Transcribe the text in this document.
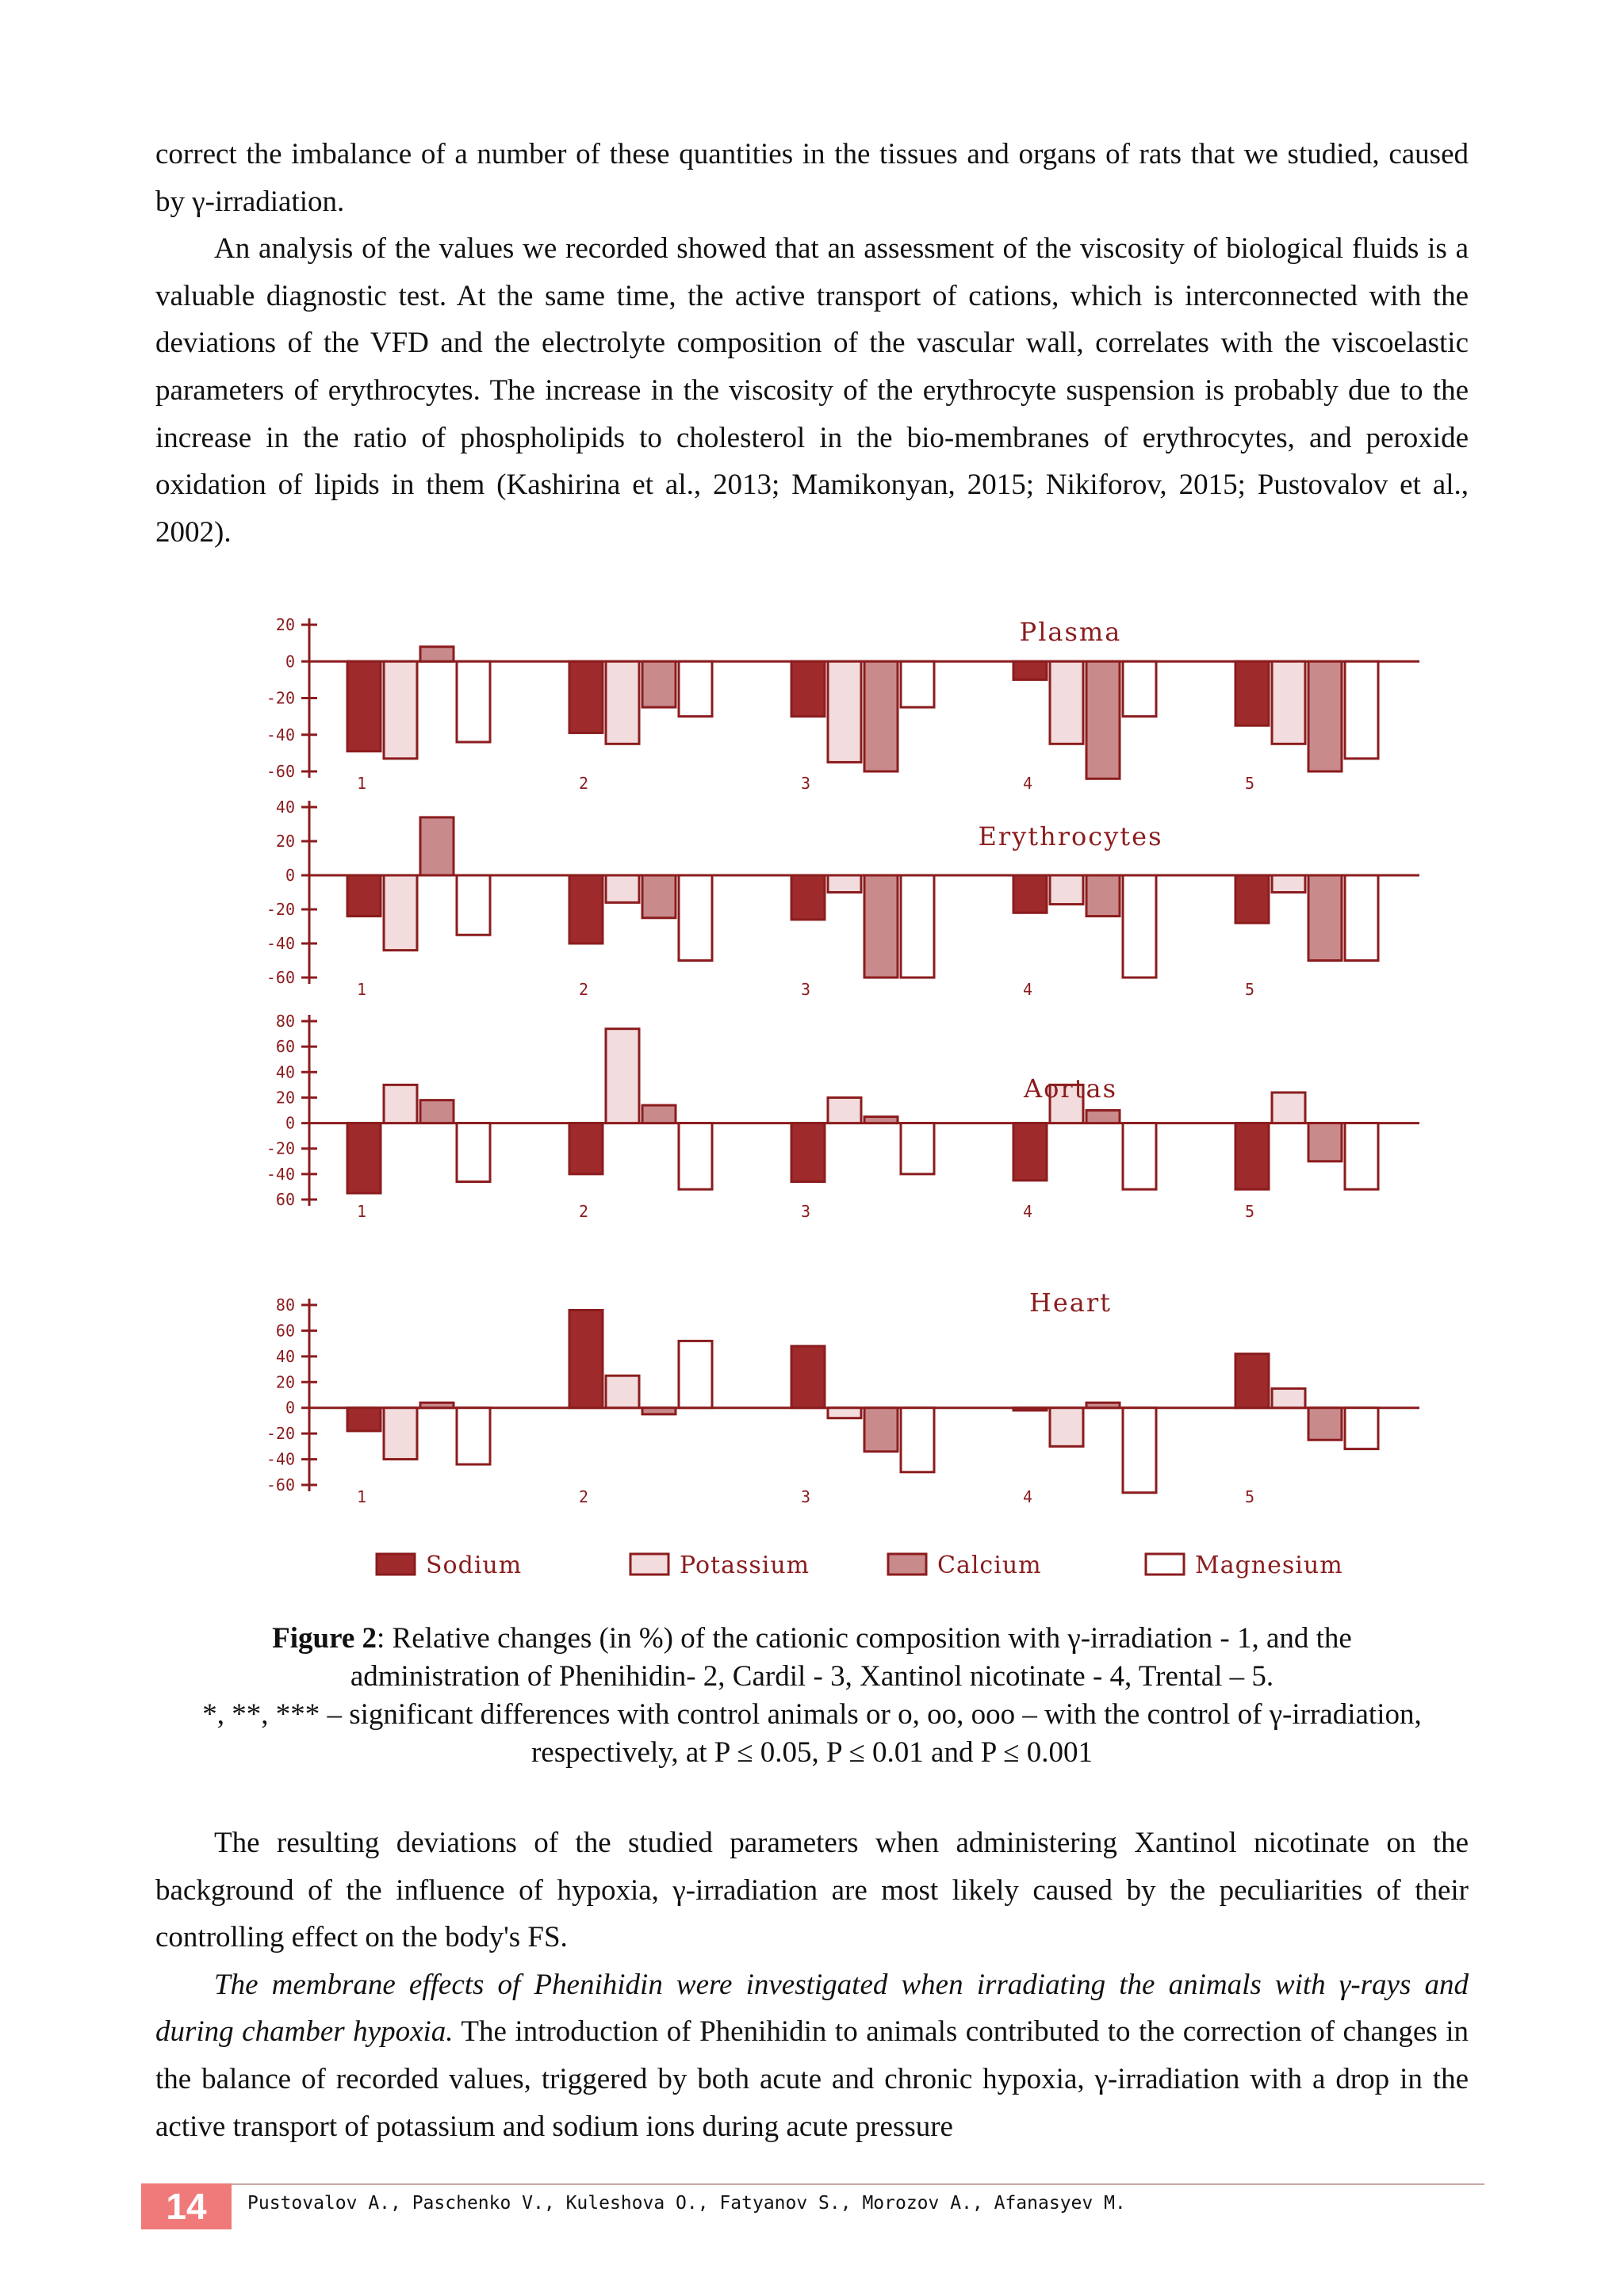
correct the imbalance of a number of these quantities in the tissues and organs of rats that we studied, caused by γ-irradiation.

An analysis of the values we recorded showed that an assessment of the viscosity of biological fluids is a valuable diagnostic test. At the same time, the active transport of cations, which is interconnected with the deviations of the VFD and the electrolyte composition of the vascular wall, correlates with the viscoelastic parameters of erythrocytes. The increase in the viscosity of the erythrocyte suspension is probably due to the increase in the ratio of phospholipids to cholesterol in the bio-membranes of erythrocytes, and peroxide oxidation of lipids in them (Kashirina et al., 2013; Mamikonyan, 2015; Nikiforov, 2015; Pustovalov et al., 2002).

20
0
-20
-40
-60
1	2	3	4	5
Plasma
40
20
0
-20
-40
-60
1	2	3	4	5
Erythrocytes
80
60
40
20
0
-20
-40
60
1	2	3	4	5
Aortas
80
60
40
20
0
-20
-40
-60
1	2	3	4	5
Heart
Sodium	Potassium	Calcium	Magnesium
Figure 2: Relative changes (in %) of the cationic composition with γ-irradiation - 1, and the
administration of Phenihidin- 2, Cardil - 3, Xantinol nicotinate - 4, Trental – 5.
*, **, *** – significant differences with control animals or o, oo, ooo – with the control of γ-irradiation,
respectively, at P ≤ 0.05, P ≤ 0.01 and P ≤ 0.001

The resulting deviations of the studied parameters when administering Xantinol nicotinate on the background of the influence of hypoxia, γ-irradiation are most likely caused by the peculiarities of their controlling effect on the body's FS.

The membrane effects of Phenihidin were investigated when irradiating the animals with γ-rays and during chamber hypoxia. The introduction of Phenihidin to animals contributed to the correction of changes in the balance of recorded values, triggered by both acute and chronic hypoxia, γ-irradiation with a drop in the active transport of potassium and sodium ions during acute pressure

14	Pustovalov A., Paschenko V., Kuleshova O., Fatyanov S., Morozov A., Afanasyev M.
